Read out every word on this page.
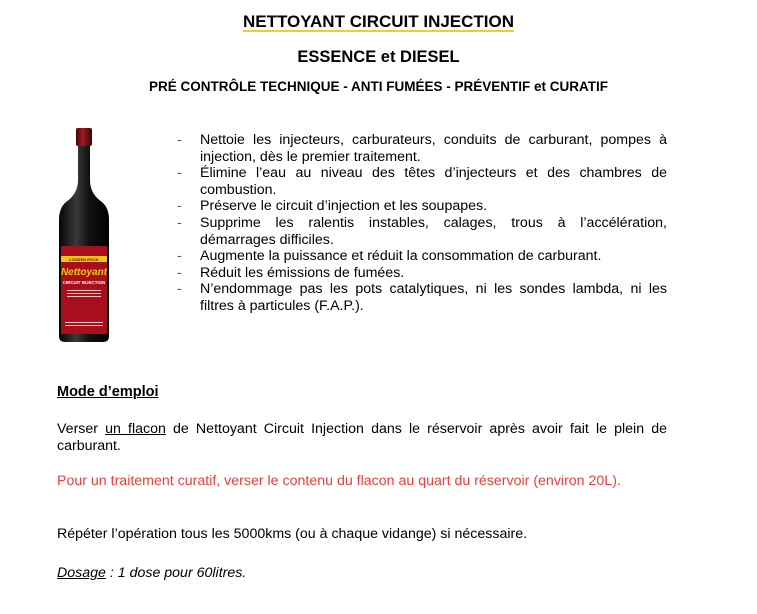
NETTOYANT CIRCUIT INJECTION
ESSENCE et DIESEL
PRÉ CONTRÔLE TECHNIQUE - ANTI FUMÉES - PRÉVENTIF et CURATIF
LOUDEN ROCK
Nettoyant
CIRCUIT INJECTION
- Nettoie les injecteurs, carburateurs, conduits de carburant, pompes à injection, dès le premier traitement.
- Élimine l’eau au niveau des têtes d’injecteurs et des chambres de combustion.
- Préserve le circuit d’injection et les soupapes.
- Supprime les ralentis instables, calages, trous à l’accélération, démarrages difficiles.
- Augmente la puissance et réduit la consommation de carburant.
- Réduit les émissions de fumées.
- N’endommage pas les pots catalytiques, ni les sondes lambda, ni les filtres à particules (F.A.P.).
Mode d’emploi
Verser un flacon de Nettoyant Circuit Injection dans le réservoir après avoir fait le plein de carburant.
Pour un traitement curatif, verser le contenu du flacon au quart du réservoir (environ 20L).
Répéter l’opération tous les 5000kms (ou à chaque vidange) si nécessaire.
Dosage : 1 dose pour 60litres.
